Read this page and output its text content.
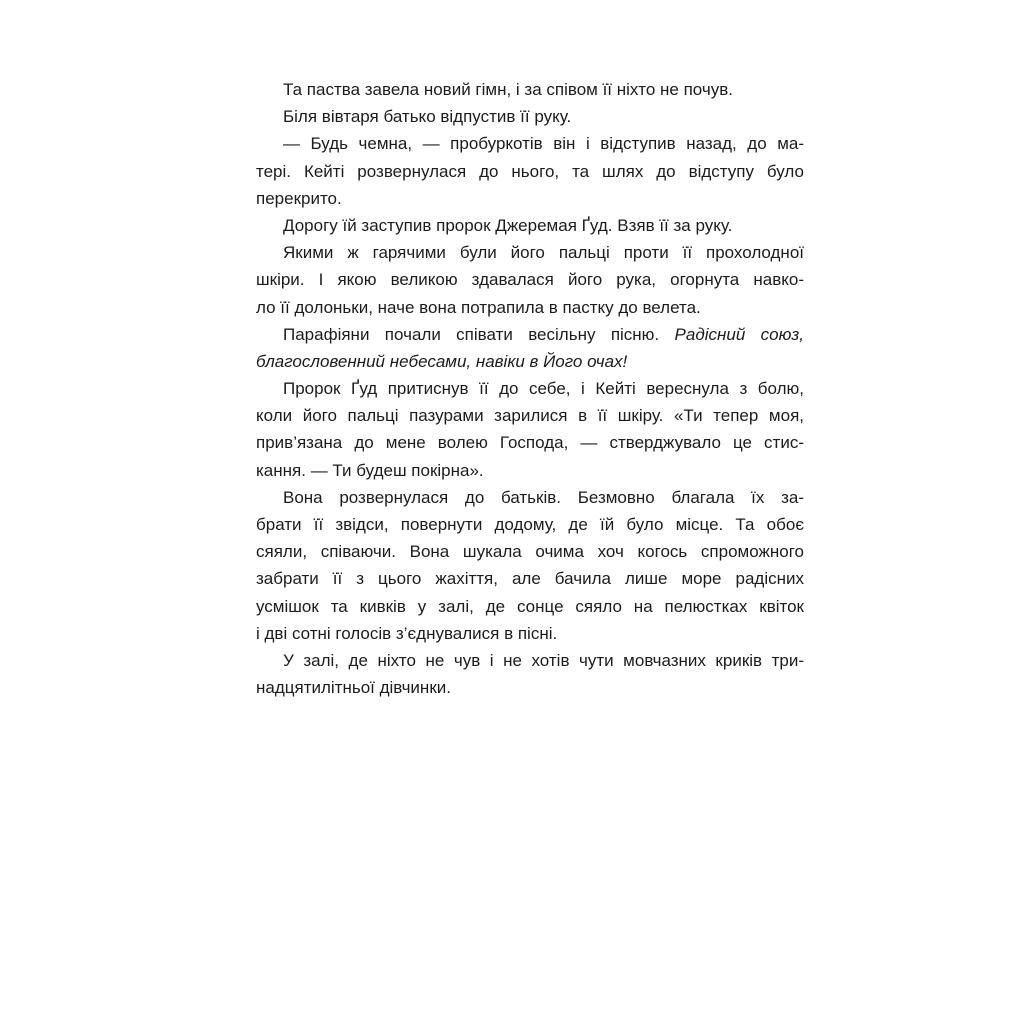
Та паства завела новий гімн, і за співом її ніхто не почув.
Біля вівтаря батько відпустив її руку.
— Будь чемна, — пробуркотів він і відступив назад, до ма-
тері. Кейті розвернулася до нього, та шлях до відступу було
перекрито.
Дорогу їй заступив пророк Джеремая Ґуд. Взяв її за руку.
Якими ж гарячими були його пальці проти її прохолодної
шкіри. І якою великою здавалася його рука, огорнута навко-
ло її долоньки, наче вона потрапила в пастку до велета.
Парафіяни почали співати весільну пісню. Радісний союз,
благословенний небесами, навіки в Його очах!
Пророк Ґуд притиснув її до себе, і Кейті вереснула з болю,
коли його пальці пазурами зарилися в її шкіру. «Ти тепер моя,
прив’язана до мене волею Господа, — стверджувало це стис-
кання. — Ти будеш покірна».
Вона розвернулася до батьків. Безмовно благала їх за-
брати її звідси, повернути додому, де їй було місце. Та обоє
сяяли, співаючи. Вона шукала очима хоч когось спроможного
забрати її з цього жахіття, але бачила лише море радісних
усмішок та кивків у залі, де сонце сяяло на пелюстках квіток
і дві сотні голосів з’єднувалися в пісні.
У залі, де ніхто не чув і не хотів чути мовчазних криків три-
надцятилітньої дівчинки.
